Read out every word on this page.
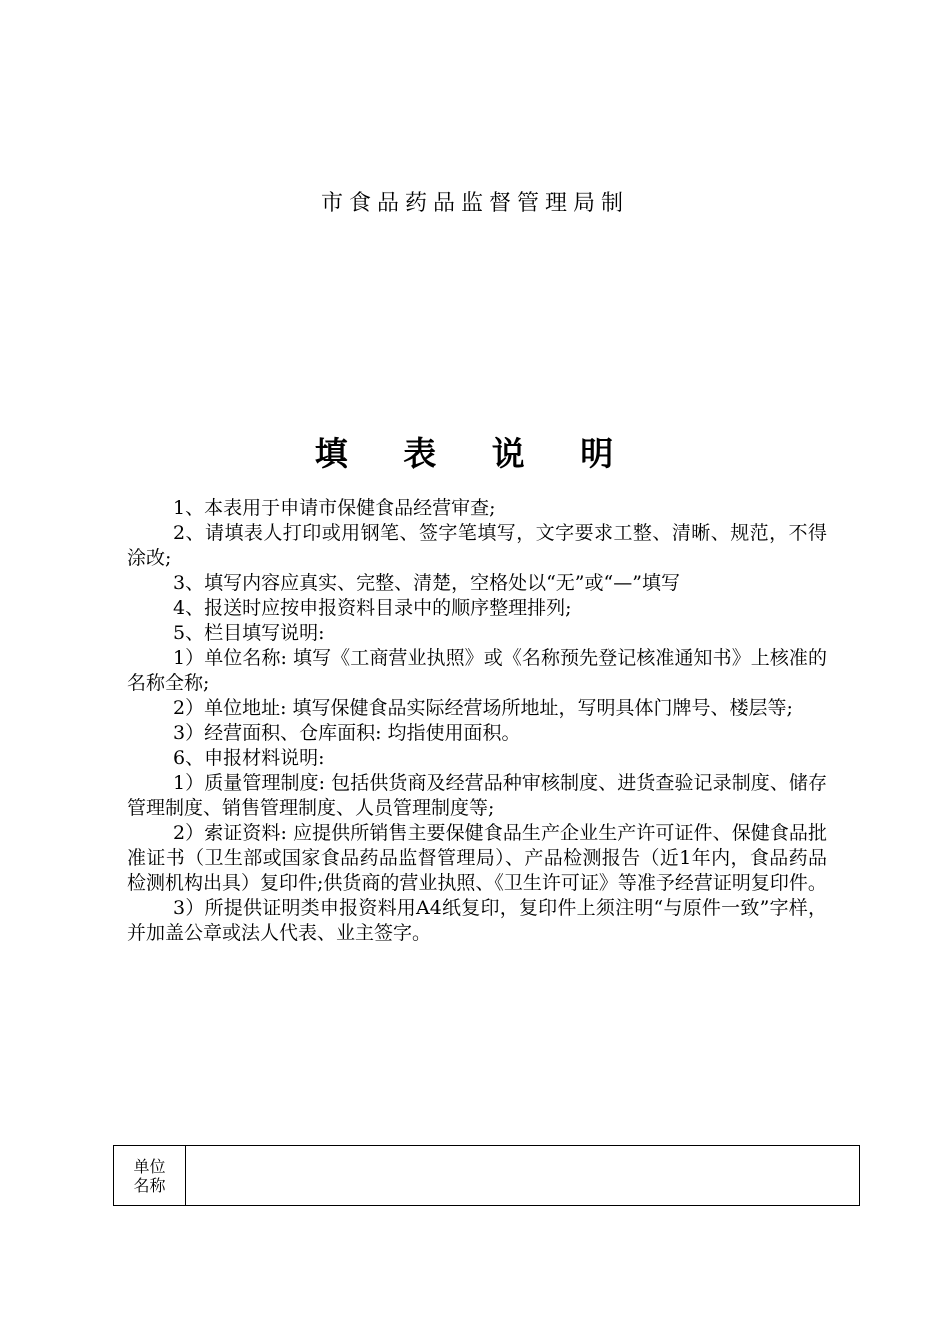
市食品药品监督管理局制
填 表 说 明

1、本表用于申请市保健食品经营审查;

2、请填表人打印或用钢笔、签字笔填写，文字要求工整、清晰、规范，不得涂改;

3、填写内容应真实、完整、清楚，空格处以“无”或“—”填写

4、报送时应按申报资料目录中的顺序整理排列;

5、栏目填写说明:

1）单位名称: 填写《工商营业执照》或《名称预先登记核准通知书》上核准的名称全称;

2）单位地址: 填写保健食品实际经营场所地址，写明具体门牌号、楼层等;

3）经营面积、仓库面积: 均指使用面积。

6、申报材料说明:

1）质量管理制度: 包括供货商及经营品种审核制度、进货查验记录制度、储存管理制度、销售管理制度、人员管理制度等;

2）索证资料: 应提供所销售主要保健食品生产企业生产许可证件、保健食品批准证书（卫生部或国家食品药品监督管理局）、产品检测报告（近1年内，食品药品检测机构出具）复印件;供货商的营业执照、《卫生许可证》等准予经营证明复印件。

3）所提供证明类申报资料用A4纸复印，复印件上须注明“与原件一致”字样，并加盖公章或法人代表、业主签字。

单位名称
